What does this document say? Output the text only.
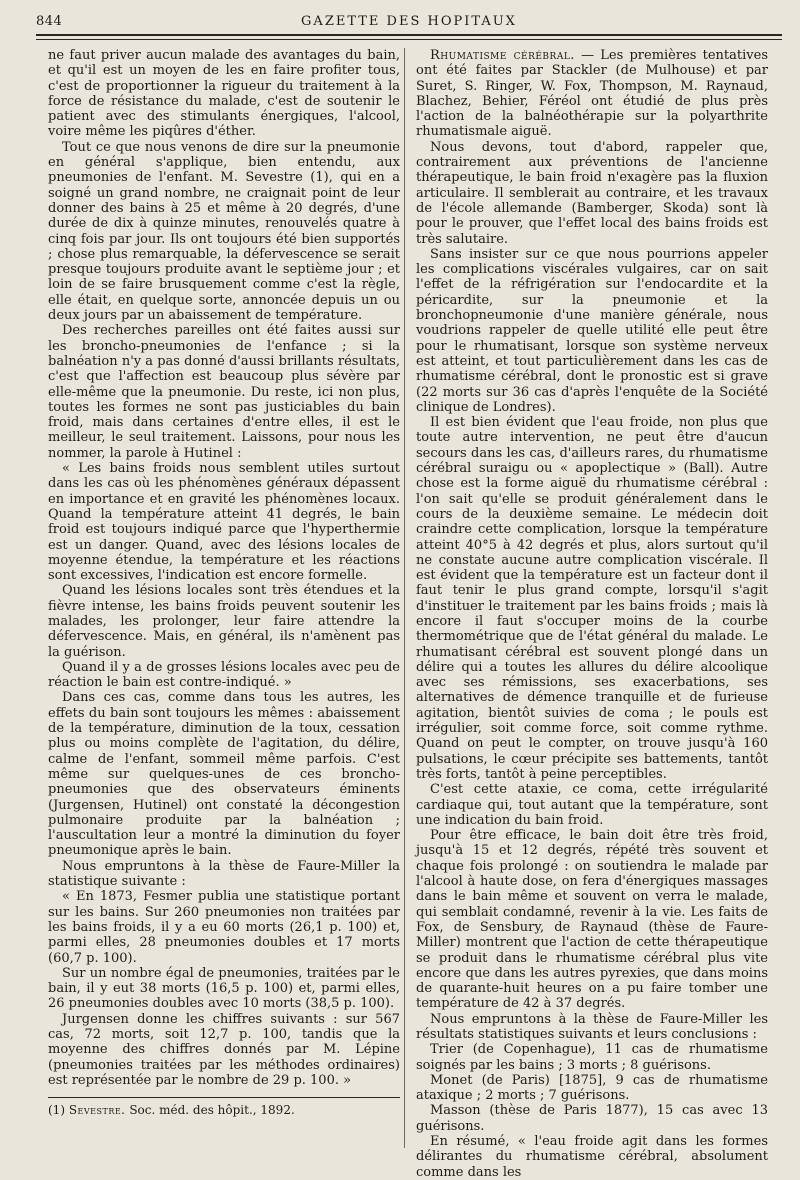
844	GAZETTE DES HOPITAUX

ne faut priver aucun malade des avantages du bain, et qu'il est un moyen de les en faire profiter tous, c'est de proportionner la rigueur du traitement à la force de résistance du malade, c'est de soutenir le patient avec des stimulants énergiques, l'alcool, voire même les piqûres d'éther.

Tout ce que nous venons de dire sur la pneumonie en général s'applique, bien entendu, aux pneumonies de l'enfant. M. Sevestre (1), qui en a soigné un grand nombre, ne craignait point de leur donner des bains à 25 et même à 20 degrés, d'une durée de dix à quinze minutes, renouvelés quatre à cinq fois par jour. Ils ont toujours été bien supportés ; chose plus remarquable, la défervescence se serait presque toujours produite avant le septième jour ; et loin de se faire brusquement comme c'est la règle, elle était, en quelque sorte, annoncée depuis un ou deux jours par un abaissement de température.

Des recherches pareilles ont été faites aussi sur les broncho-pneumonies de l'enfance ; si la balnéation n'y a pas donné d'aussi brillants résultats, c'est que l'affection est beaucoup plus sévère par elle-même que la pneumonie. Du reste, ici non plus, toutes les formes ne sont pas justiciables du bain froid, mais dans certaines d'entre elles, il est le meilleur, le seul traitement. Laissons, pour nous les nommer, la parole à Hutinel :

« Les bains froids nous semblent utiles surtout dans les cas où les phénomènes généraux dépassent en importance et en gravité les phénomènes locaux. Quand la température atteint 41 degrés, le bain froid est toujours indiqué parce que l'hyperthermie est un danger. Quand, avec des lésions locales de moyenne étendue, la température et les réactions sont excessives, l'indication est encore formelle.

Quand les lésions locales sont très étendues et la fièvre intense, les bains froids peuvent soutenir les malades, les prolonger, leur faire attendre la défervescence. Mais, en général, ils n'amènent pas la guérison.

Quand il y a de grosses lésions locales avec peu de réaction le bain est contre-indiqué. »

Dans ces cas, comme dans tous les autres, les effets du bain sont toujours les mêmes : abaissement de la température, diminution de la toux, cessation plus ou moins complète de l'agitation, du délire, calme de l'enfant, sommeil même parfois. C'est même sur quelques-unes de ces broncho-pneumonies que des observateurs éminents (Jurgensen, Hutinel) ont constaté la décongestion pulmonaire produite par la balnéation ; l'auscultation leur a montré la diminution du foyer pneumonique après le bain.

Nous empruntons à la thèse de Faure-Miller la statistique suivante :

« En 1873, Fesmer publia une statistique portant sur les bains. Sur 260 pneumonies non traitées par les bains froids, il y a eu 60 morts (26,1 p. 100) et, parmi elles, 28 pneumonies doubles et 17 morts (60,7 p. 100).

Sur un nombre égal de pneumonies, traitées par le bain, il y eut 38 morts (16,5 p. 100) et, parmi elles, 26 pneumonies doubles avec 10 morts (38,5 p. 100).

Jurgensen donne les chiffres suivants : sur 567 cas, 72 morts, soit 12,7 p. 100, tandis que la moyenne des chiffres donnés par M. Lépine (pneumonies traitées par les méthodes ordinaires) est représentée par le nombre de 29 p. 100. »

(1) Sevestre. Soc. méd. des hôpit., 1892.

Rhumatisme cérébral. — Les premières tentatives ont été faites par Stackler (de Mulhouse) et par Suret, S. Ringer, W. Fox, Thompson, M. Raynaud, Blachez, Behier, Féréol ont étudié de plus près l'action de la balnéothérapie sur la polyarthrite rhumatismale aiguë.

Nous devons, tout d'abord, rappeler que, contrairement aux préventions de l'ancienne thérapeutique, le bain froid n'exagère pas la fluxion articulaire. Il semblerait au contraire, et les travaux de l'école allemande (Bamberger, Skoda) sont là pour le prouver, que l'effet local des bains froids est très salutaire.

Sans insister sur ce que nous pourrions appeler les complications viscérales vulgaires, car on sait l'effet de la réfrigération sur l'endocardite et la péricardite, sur la pneumonie et la bronchopneumonie d'une manière générale, nous voudrions rappeler de quelle utilité elle peut être pour le rhumatisant, lorsque son système nerveux est atteint, et tout particulièrement dans les cas de rhumatisme cérébral, dont le pronostic est si grave (22 morts sur 36 cas d'après l'enquête de la Société clinique de Londres).

Il est bien évident que l'eau froide, non plus que toute autre intervention, ne peut être d'aucun secours dans les cas, d'ailleurs rares, du rhumatisme cérébral suraigu ou « apoplectique » (Ball). Autre chose est la forme aiguë du rhumatisme cérébral : l'on sait qu'elle se produit généralement dans le cours de la deuxième semaine. Le médecin doit craindre cette complication, lorsque la température atteint 40°5 à 42 degrés et plus, alors surtout qu'il ne constate aucune autre complication viscérale. Il est évident que la température est un facteur dont il faut tenir le plus grand compte, lorsqu'il s'agit d'instituer le traitement par les bains froids ; mais là encore il faut s'occuper moins de la courbe thermométrique que de l'état général du malade. Le rhumatisant cérébral est souvent plongé dans un délire qui a toutes les allures du délire alcoolique avec ses rémissions, ses exacerbations, ses alternatives de démence tranquille et de furieuse agitation, bientôt suivies de coma ; le pouls est irrégulier, soit comme force, soit comme rythme. Quand on peut le compter, on trouve jusqu'à 160 pulsations, le cœur précipite ses battements, tantôt très forts, tantôt à peine perceptibles.

C'est cette ataxie, ce coma, cette irrégularité cardiaque qui, tout autant que la température, sont une indication du bain froid.

Pour être efficace, le bain doit être très froid, jusqu'à 15 et 12 degrés, répété très souvent et chaque fois prolongé : on soutiendra le malade par l'alcool à haute dose, on fera d'énergiques massages dans le bain même et souvent on verra le malade, qui semblait condamné, revenir à la vie. Les faits de Fox, de Sensbury, de Raynaud (thèse de Faure-Miller) montrent que l'action de cette thérapeutique se produit dans le rhumatisme cérébral plus vite encore que dans les autres pyrexies, que dans moins de quarante-huit heures on a pu faire tomber une température de 42 à 37 degrés.

Nous empruntons à la thèse de Faure-Miller les résultats statistiques suivants et leurs conclusions :

Trier (de Copenhague), 11 cas de rhumatisme soignés par les bains ; 3 morts ; 8 guérisons.

Monet (de Paris) [1875], 9 cas de rhumatisme ataxique ; 2 morts ; 7 guérisons.

Masson (thèse de Paris 1877), 15 cas avec 13 guérisons.

En résumé, « l'eau froide agit dans les formes délirantes du rhumatisme cérébral, absolument comme dans les
